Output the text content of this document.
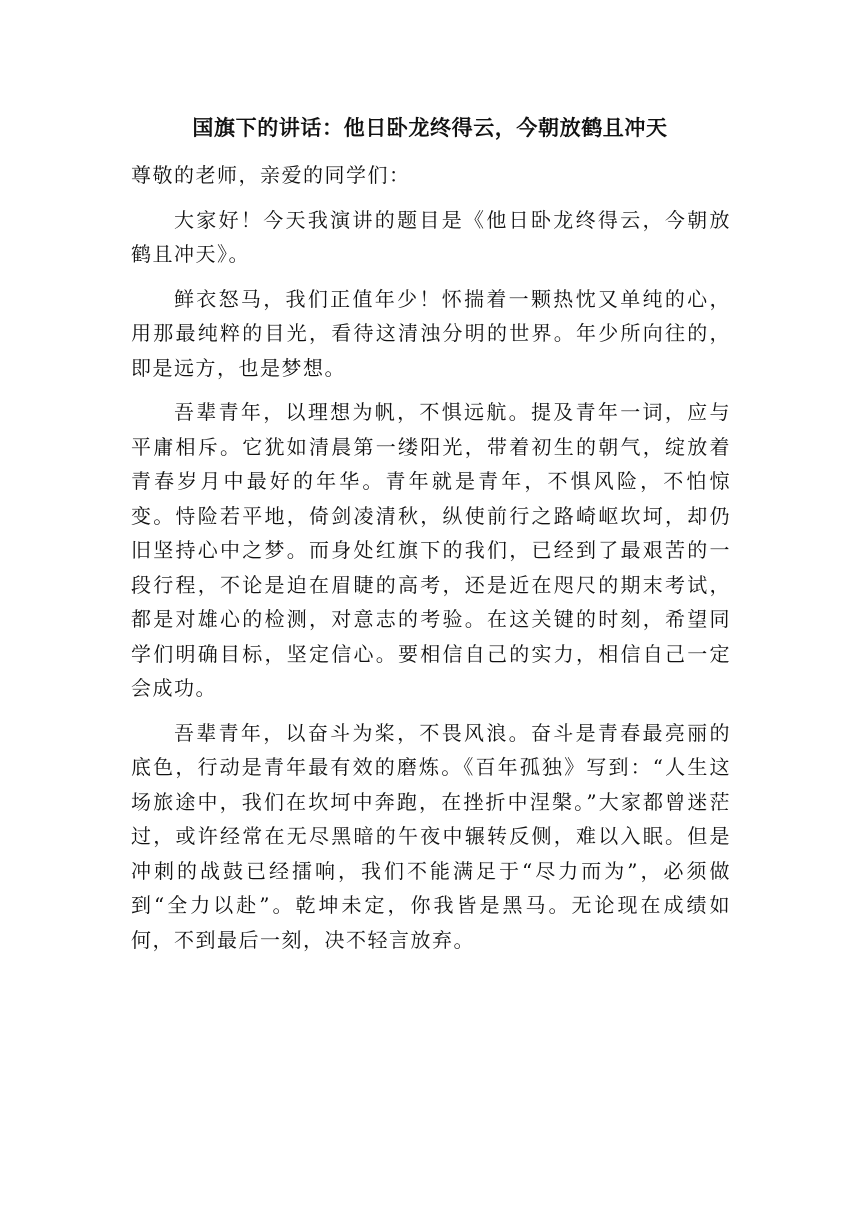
国旗下的讲话：他日卧龙终得云，今朝放鹤且冲天

尊敬的老师，亲爱的同学们：

大家好！今天我演讲的题目是《他日卧龙终得云，今朝放鹤且冲天》。

鲜衣怒马，我们正值年少！怀揣着一颗热忱又单纯的心，用那最纯粹的目光，看待这清浊分明的世界。年少所向往的，即是远方，也是梦想。

吾辈青年，以理想为帆，不惧远航。提及青年一词，应与平庸相斥。它犹如清晨第一缕阳光，带着初生的朝气，绽放着青春岁月中最好的年华。青年就是青年，不惧风险，不怕惊变。恃险若平地，倚剑凌清秋，纵使前行之路崎岖坎坷，却仍旧坚持心中之梦。而身处红旗下的我们，已经到了最艰苦的一段行程，不论是迫在眉睫的高考，还是近在咫尺的期末考试，都是对雄心的检测，对意志的考验。在这关键的时刻，希望同学们明确目标，坚定信心。要相信自己的实力，相信自己一定会成功。

吾辈青年，以奋斗为桨，不畏风浪。奋斗是青春最亮丽的底色，行动是青年最有效的磨炼。《百年孤独》写到：“人生这场旅途中，我们在坎坷中奔跑，在挫折中涅槃。”大家都曾迷茫过，或许经常在无尽黑暗的午夜中辗转反侧，难以入眠。但是冲刺的战鼓已经擂响，我们不能满足于“尽力而为”，必须做到“全力以赴”。乾坤未定，你我皆是黑马。无论现在成绩如何，不到最后一刻，决不轻言放弃。
